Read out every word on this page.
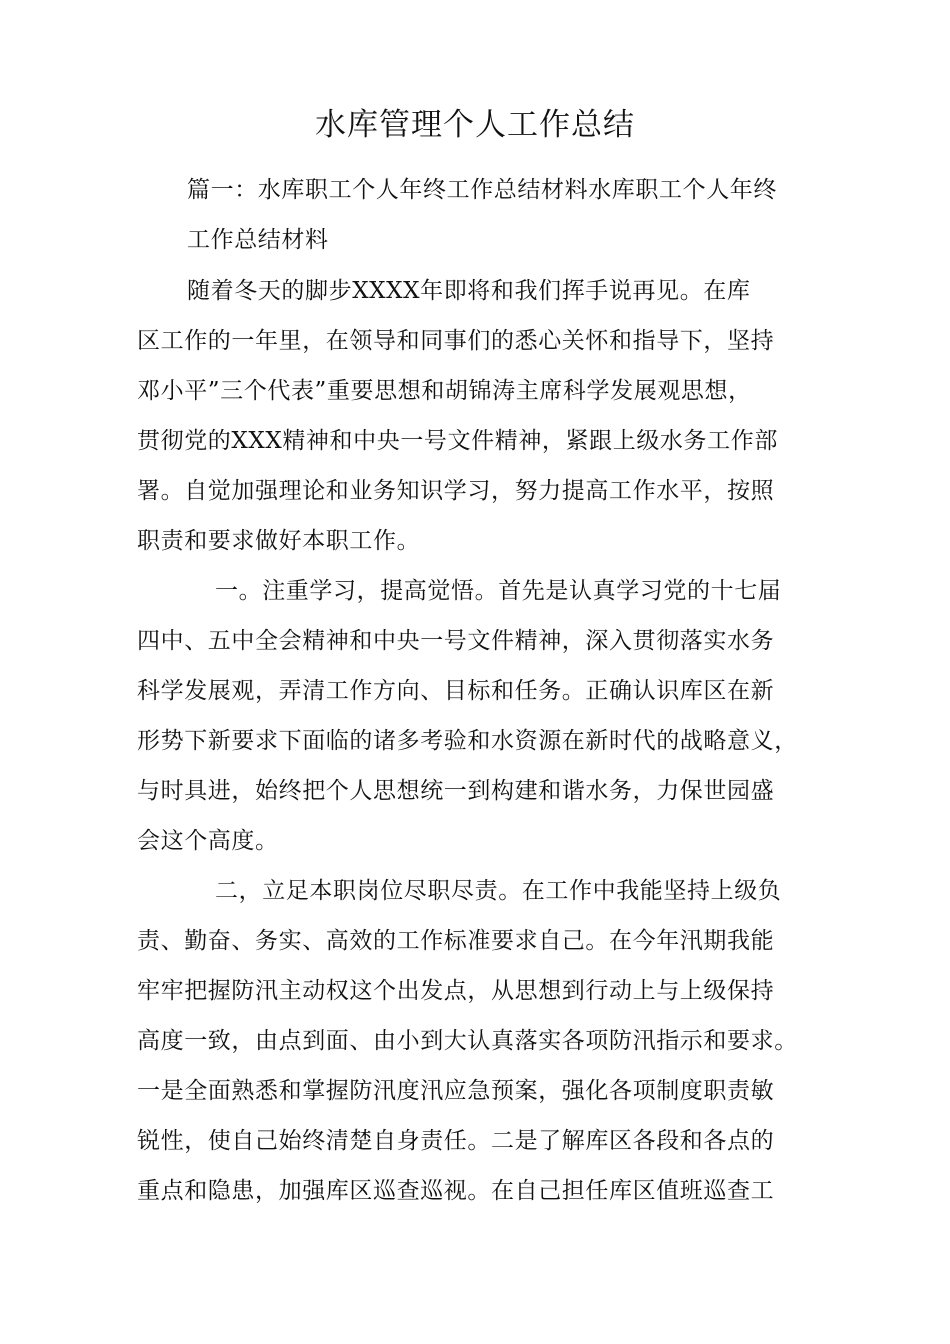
水库管理个人工作总结
篇一：水库职工个人年终工作总结材料水库职工个人年终
工作总结材料
随着冬天的脚步XXXX年即将和我们挥手说再见。在库
区工作的一年里，在领导和同事们的悉心关怀和指导下，坚持
邓小平”三个代表”重要思想和胡锦涛主席科学发展观思想，
贯彻党的XXX精神和中央一号文件精神，紧跟上级水务工作部
署。自觉加强理论和业务知识学习，努力提高工作水平，按照
职责和要求做好本职工作。
一。注重学习，提高觉悟。首先是认真学习党的十七届
四中、五中全会精神和中央一号文件精神，深入贯彻落实水务
科学发展观，弄清工作方向、目标和任务。正确认识库区在新
形势下新要求下面临的诸多考验和水资源在新时代的战略意义，
与时具进，始终把个人思想统一到构建和谐水务，力保世园盛
会这个高度。
二，立足本职岗位尽职尽责。在工作中我能坚持上级负
责、勤奋、务实、高效的工作标准要求自己。在今年汛期我能
牢牢把握防汛主动权这个出发点，从思想到行动上与上级保持
高度一致，由点到面、由小到大认真落实各项防汛指示和要求。
一是全面熟悉和掌握防汛度汛应急预案，强化各项制度职责敏
锐性，使自己始终清楚自身责任。二是了解库区各段和各点的
重点和隐患，加强库区巡查巡视。在自己担任库区值班巡查工
